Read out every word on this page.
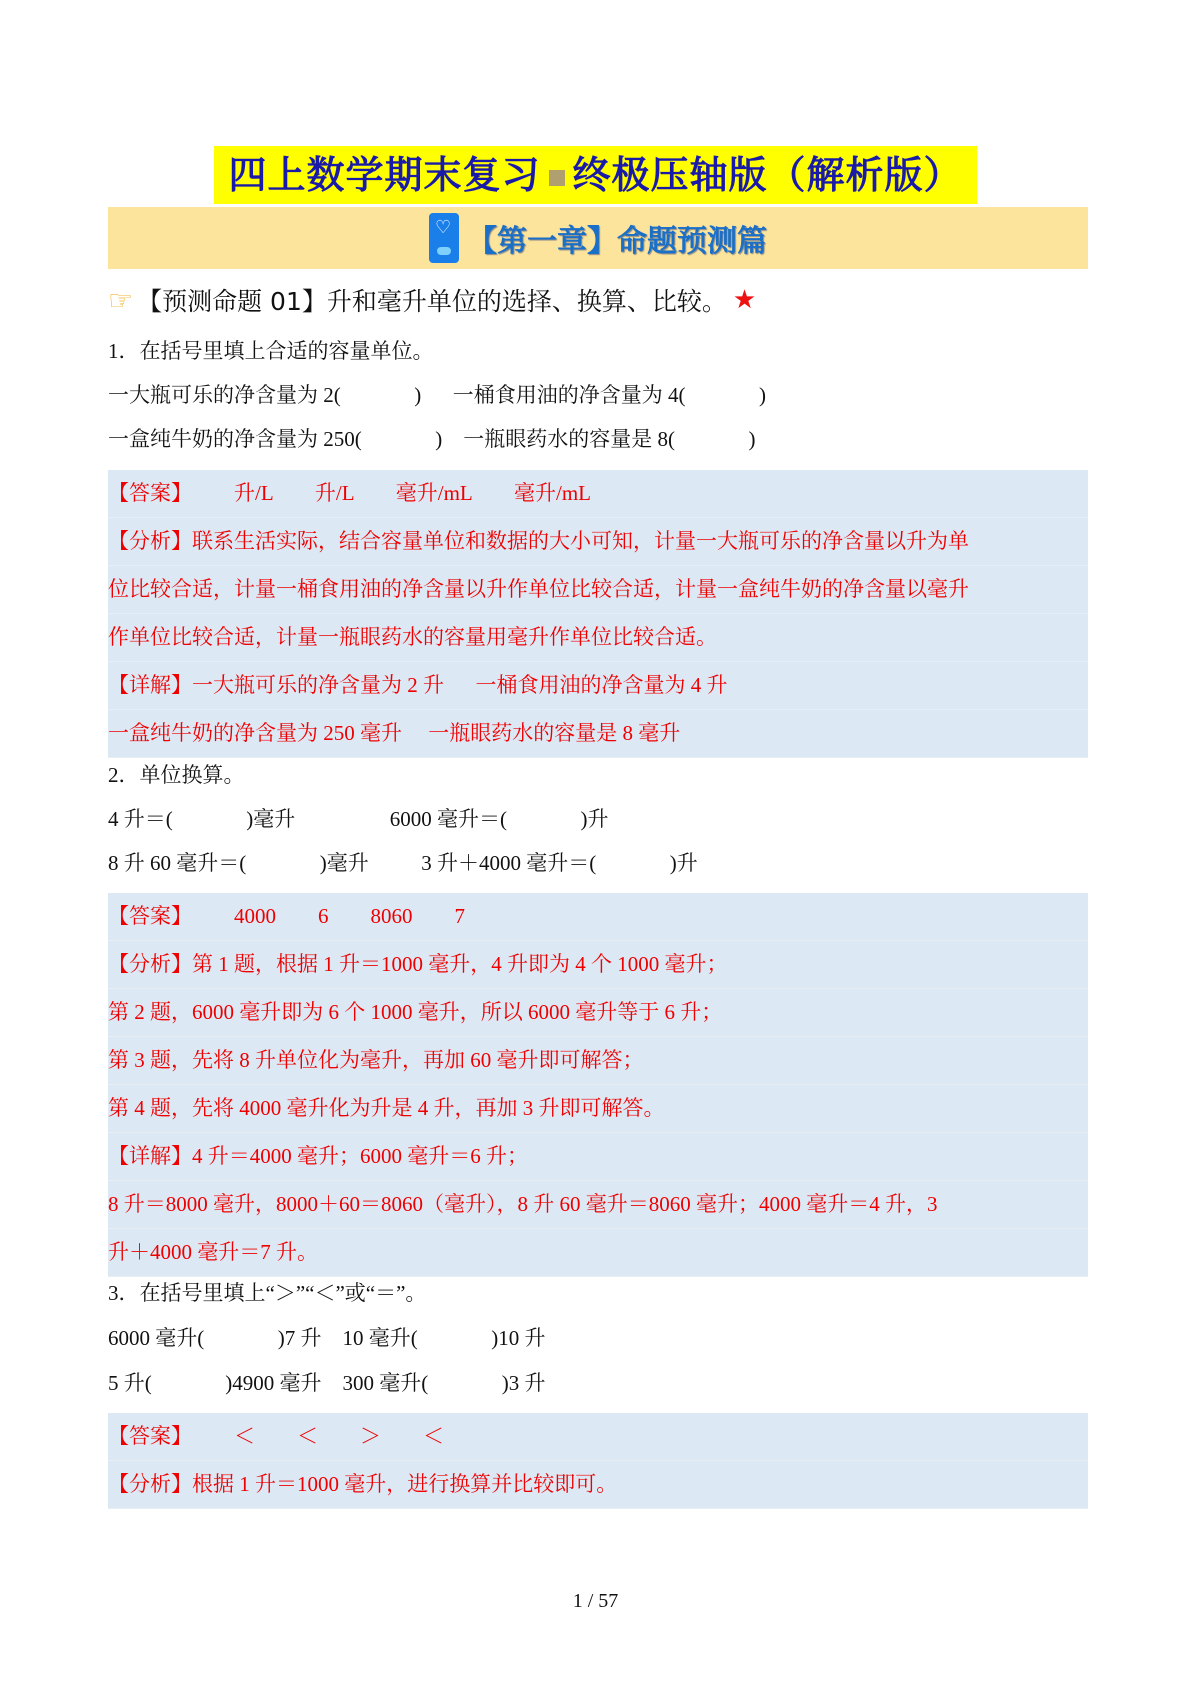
四上数学期末复习 终极压轴版（解析版）
♡
【第一章】命题预测篇
☞ 【预测命题 01】升和毫升单位的选择、换算、比较。 ★
1．在括号里填上合适的容量单位。
一大瓶可乐的净含量为 2(              )      一桶食用油的净含量为 4(              )
一盒纯牛奶的净含量为 250(              )    一瓶眼药水的容量是 8(              )
【答案】        升/L        升/L        毫升/mL        毫升/mL
【分析】联系生活实际，结合容量单位和数据的大小可知，计量一大瓶可乐的净含量以升为单
位比较合适，计量一桶食用油的净含量以升作单位比较合适，计量一盒纯牛奶的净含量以毫升
作单位比较合适，计量一瓶眼药水的容量用毫升作单位比较合适。
【详解】一大瓶可乐的净含量为 2 升      一桶食用油的净含量为 4 升
一盒纯牛奶的净含量为 250 毫升     一瓶眼药水的容量是 8 毫升
2．单位换算。
4 升＝(              )毫升                  6000 毫升＝(              )升
8 升 60 毫升＝(              )毫升          3 升＋4000 毫升＝(              )升
【答案】        4000        6        8060        7
【分析】第 1 题，根据 1 升＝1000 毫升，4 升即为 4 个 1000 毫升；
第 2 题，6000 毫升即为 6 个 1000 毫升，所以 6000 毫升等于 6 升；
第 3 题，先将 8 升单位化为毫升，再加 60 毫升即可解答；
第 4 题，先将 4000 毫升化为升是 4 升，再加 3 升即可解答。
【详解】4 升＝4000 毫升；6000 毫升＝6 升；
8 升＝8000 毫升，8000＋60＝8060（毫升），8 升 60 毫升＝8060 毫升；4000 毫升＝4 升，3
升＋4000 毫升＝7 升。
3．在括号里填上“＞”“＜”或“＝”。
6000 毫升(              )7 升    10 毫升(              )10 升
5 升(              )4900 毫升    300 毫升(              )3 升
【答案】        ＜        ＜        ＞        ＜
【分析】根据 1 升＝1000 毫升，进行换算并比较即可。
1 / 57
